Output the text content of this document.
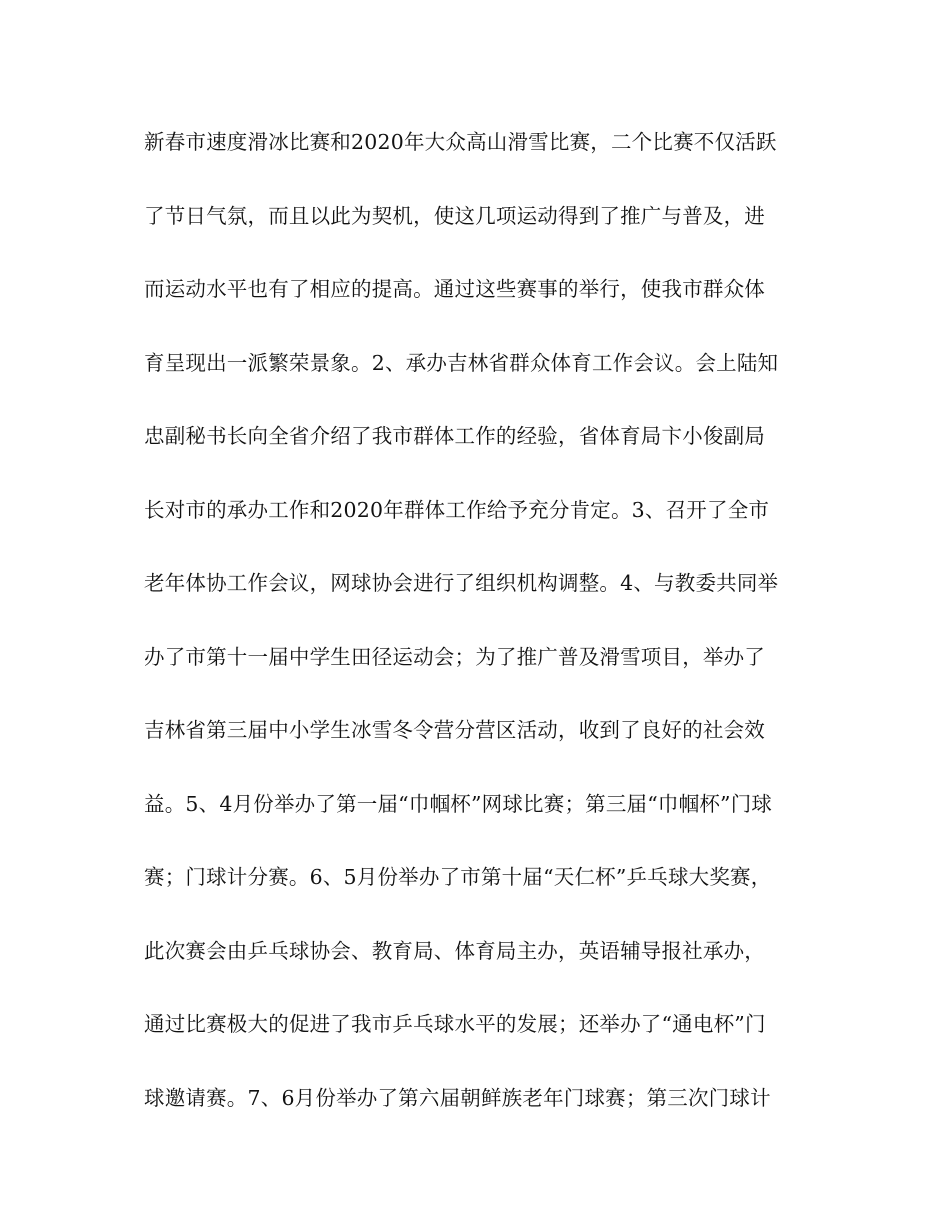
新春市速度滑冰比赛和2020年大众高山滑雪比赛，二个比赛不仅活跃
了节日气氛，而且以此为契机，使这几项运动得到了推广与普及，进
而运动水平也有了相应的提高。通过这些赛事的举行，使我市群众体
育呈现出一派繁荣景象。2、承办吉林省群众体育工作会议。会上陆知
忠副秘书长向全省介绍了我市群体工作的经验，省体育局卞小俊副局
长对市的承办工作和2020年群体工作给予充分肯定。3、召开了全市
老年体协工作会议，网球协会进行了组织机构调整。4、与教委共同举
办了市第十一届中学生田径运动会；为了推广普及滑雪项目，举办了
吉林省第三届中小学生冰雪冬令营分营区活动，收到了良好的社会效
益。5、4月份举办了第一届“巾帼杯”网球比赛；第三届“巾帼杯”门球
赛；门球计分赛。6、5月份举办了市第十届“天仁杯”乒乓球大奖赛，
此次赛会由乒乓球协会、教育局、体育局主办，英语辅导报社承办，
通过比赛极大的促进了我市乒乓球水平的发展；还举办了“通电杯”门
球邀请赛。7、6月份举办了第六届朝鲜族老年门球赛；第三次门球计
